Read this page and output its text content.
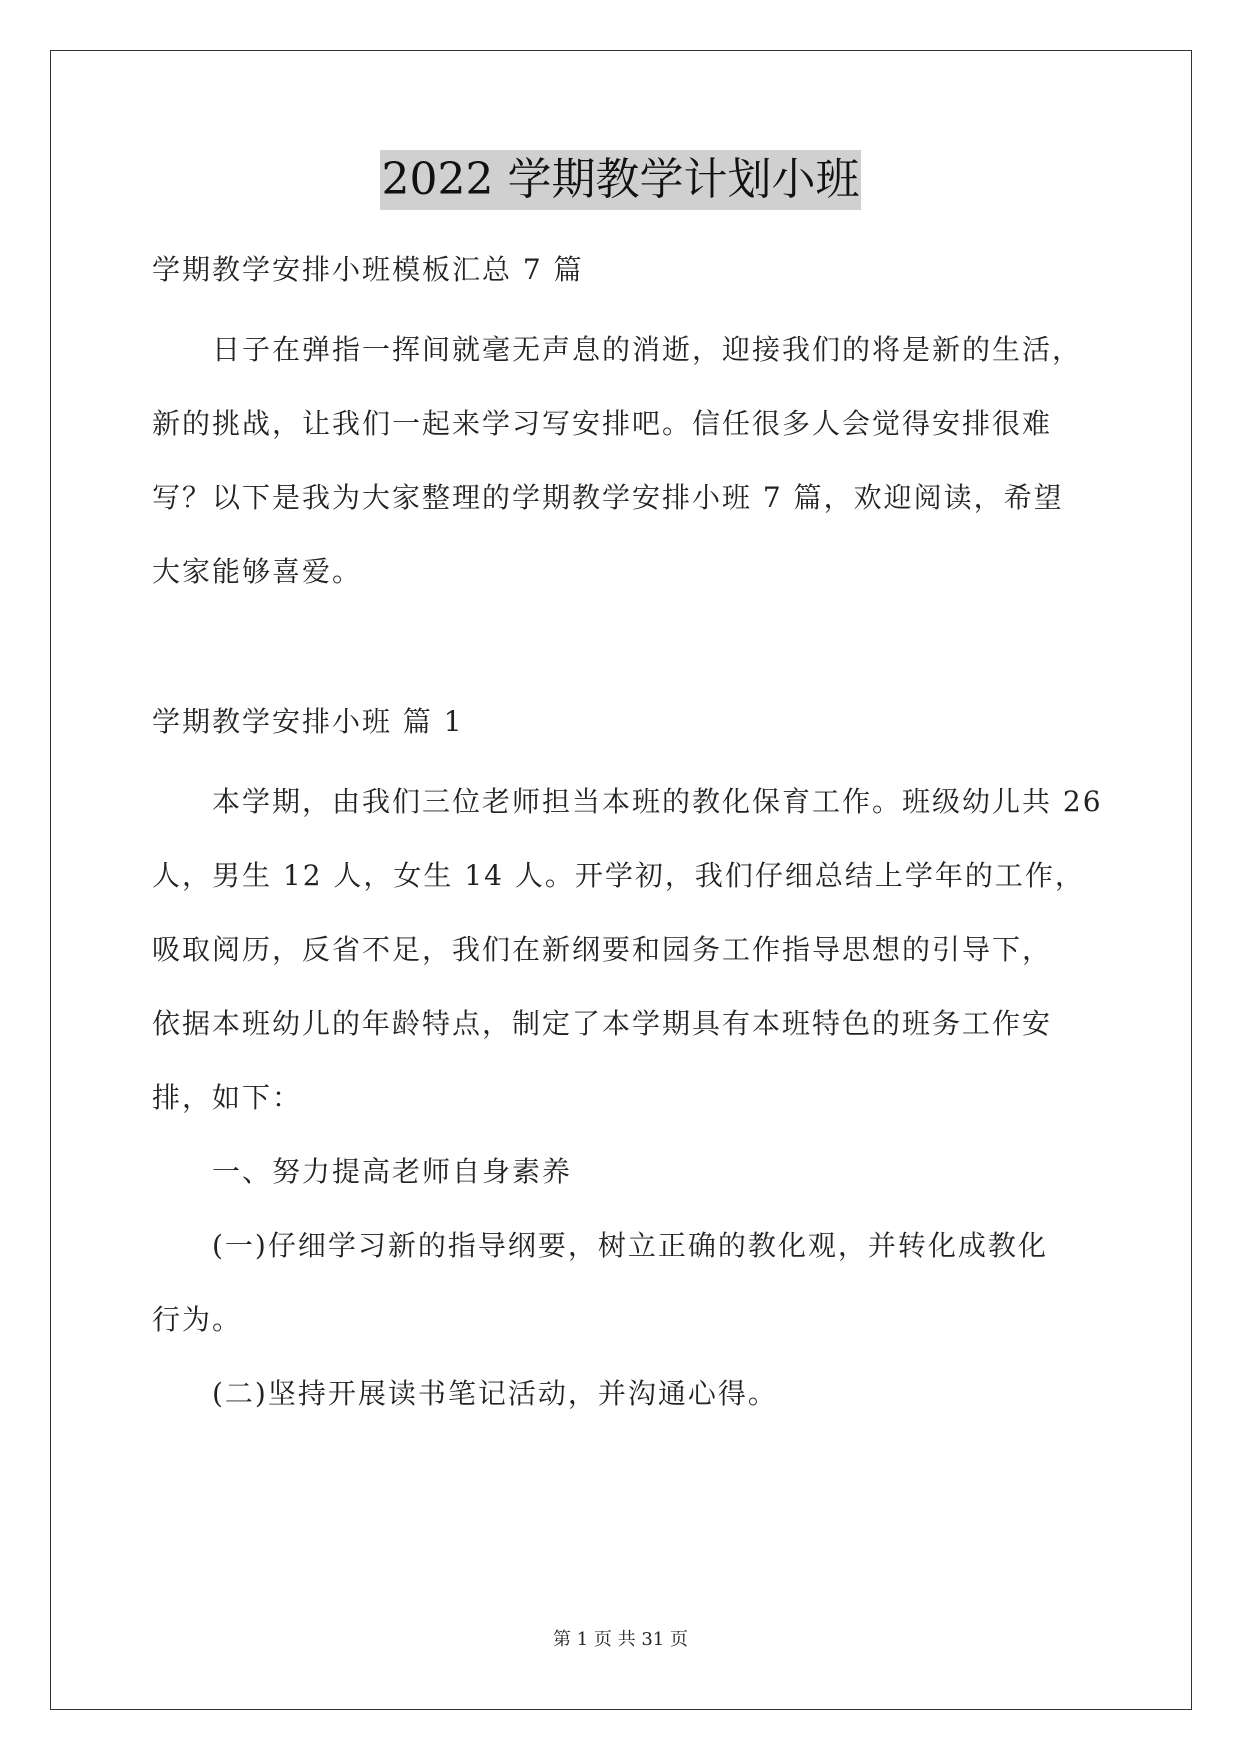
2022 学期教学计划小班
学期教学安排小班模板汇总 7 篇
日子在弹指一挥间就毫无声息的消逝，迎接我们的将是新的生活，
新的挑战，让我们一起来学习写安排吧。信任很多人会觉得安排很难
写？以下是我为大家整理的学期教学安排小班 7 篇，欢迎阅读，希望
大家能够喜爱。
学期教学安排小班 篇 1
本学期，由我们三位老师担当本班的教化保育工作。班级幼儿共 26
人，男生 12 人，女生 14 人。开学初，我们仔细总结上学年的工作，
吸取阅历，反省不足，我们在新纲要和园务工作指导思想的引导下，
依据本班幼儿的年龄特点，制定了本学期具有本班特色的班务工作安
排，如下：
一、努力提高老师自身素养
(一)仔细学习新的指导纲要，树立正确的教化观，并转化成教化
行为。
(二)坚持开展读书笔记活动，并沟通心得。
第 1 页 共 31 页
